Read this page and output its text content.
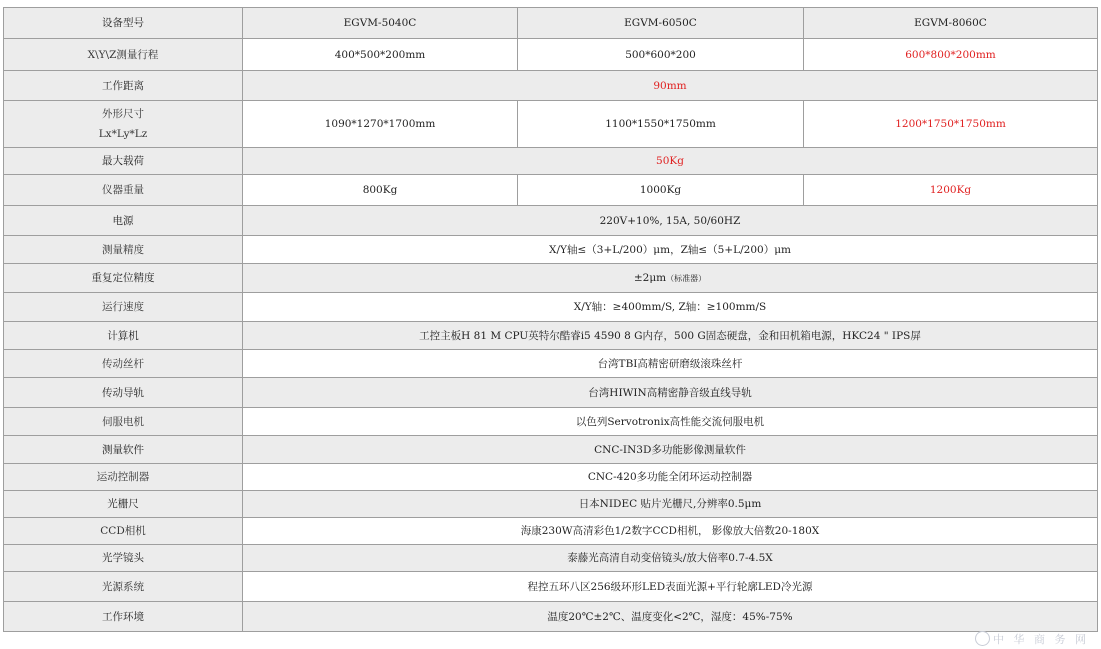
设备型号	EGVM-5040C	EGVM-6050C	EGVM-8060C
X\Y\Z测量行程	400*500*200mm	500*600*200	600*800*200mm
工作距离	90mm		

外形尺寸
Lx*Ly*Lz	1090*1270*1700mm	1100*1550*1750mm	1200*1750*1750mm
最大载荷	50Kg		
仪器重量	800Kg	1000Kg	1200Kg
电源	220V+10%, 15A, 50/60HZ		
测量精度	X/Y轴≤（3+L/200）μm，Z轴≤（5+L/200）μm		
重复定位精度	±2μm（标准器）		
运行速度	X/Y轴：≥400mm/S, Z轴：≥100mm/S		
计算机	工控主板H 81 M CPU英特尔酷睿i5 4590 8 G内存，500 G固态硬盘，金和田机箱电源，HKC24 " IPS屏		
传动丝杆	台湾TBI高精密研磨级滚珠丝杆		
传动导轨	台湾HIWIN高精密静音级直线导轨		
伺服电机	以色列Servotronix高性能交流伺服电机		
测量软件	CNC-IN3D多功能影像测量软件		
运动控制器	CNC-420多功能全闭环运动控制器		
光栅尺	日本NIDEC 贴片光栅尺,分辨率0.5μm		
CCD相机	海康230W高清彩色1/2数字CCD相机， 影像放大倍数20-180X		
光学镜头	泰藤光高清自动变倍镜头/放大倍率0.7-4.5X		
光源系统	程控五环八区256级环形LED表面光源+平行轮廓LED冷光源		
工作环境	温度20℃±2℃、温度变化<2℃，湿度：45%-75%		
中 华 商 务 网
